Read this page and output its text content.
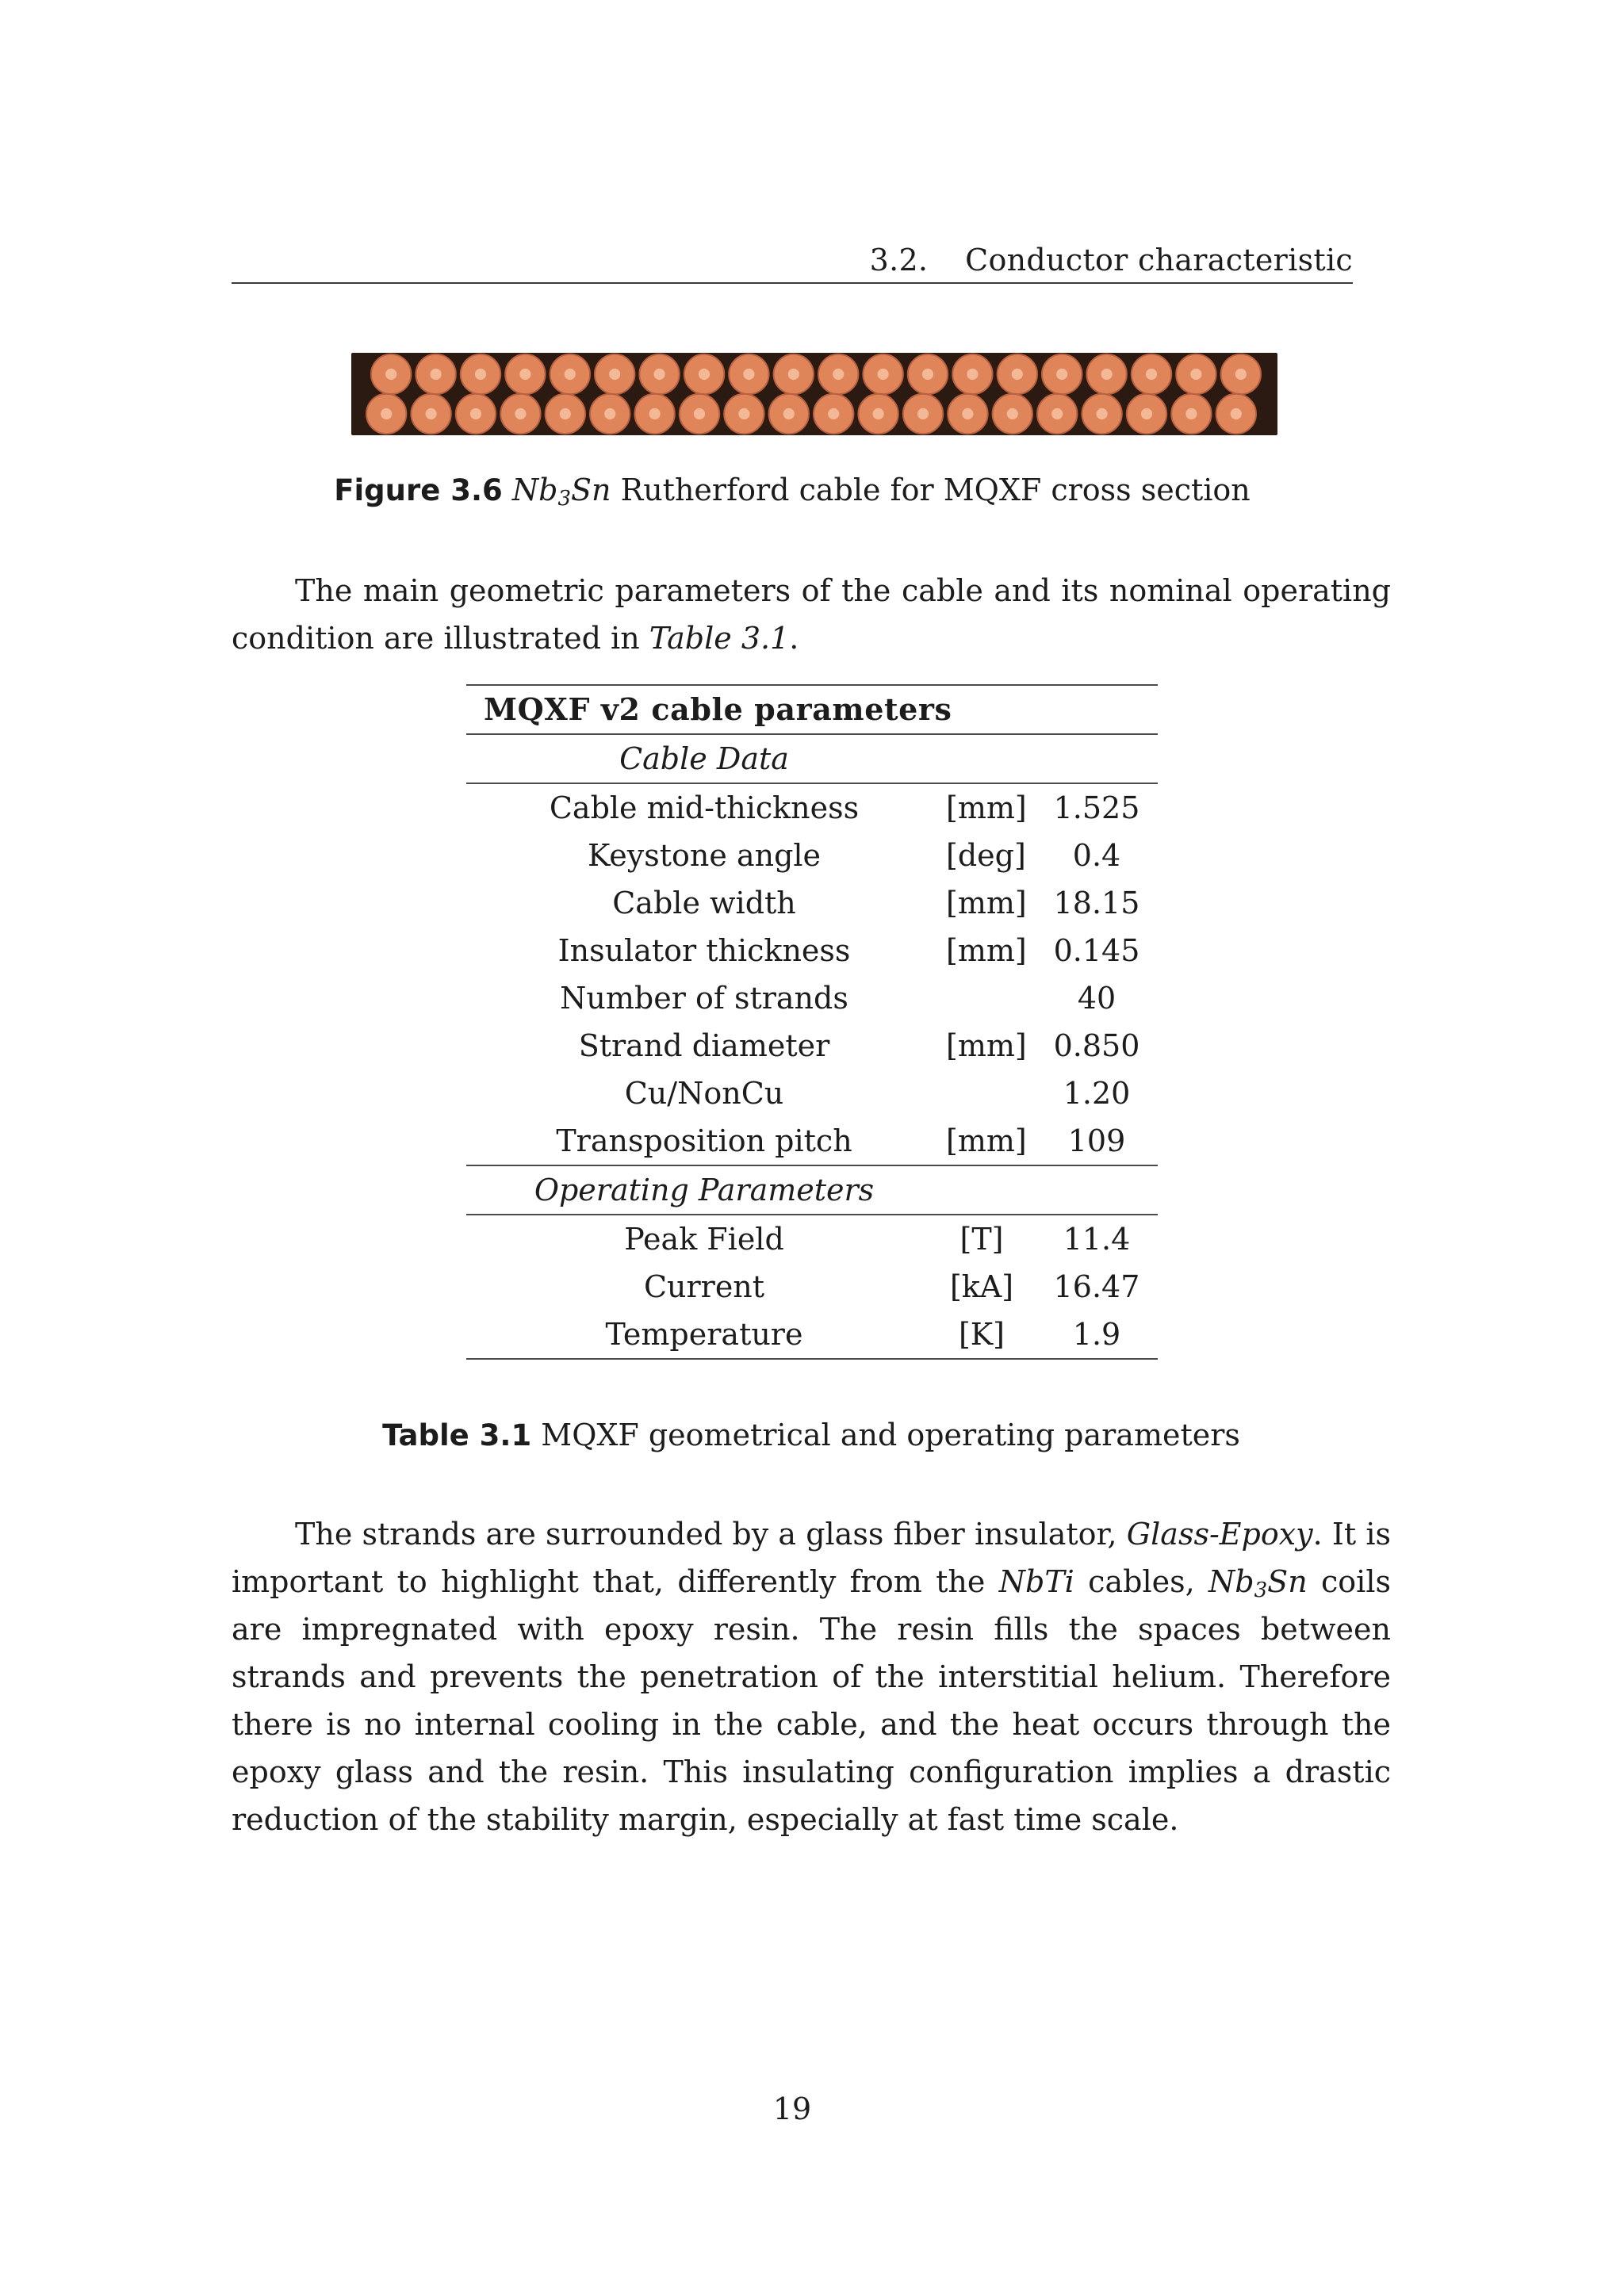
3.2. Conductor characteristic
Figure 3.6 $Nb_3Sn$ Rutherford cable for MQXF cross section
The main geometric parameters of the cable and its nominal operating condition are illustrated in Table 3.1.
MQXF v2 cable parameters
Cable Data
Cable mid-thickness	[mm] 1.525
Keystone angle	[deg]	0.4
Cable width	[mm] 18.15
Insulator thickness	[mm] 0.145
Number of strands	40
Strand diameter	[mm] 0.850
Cu/NonCu	1.20
Transposition pitch	[mm]	109
Operating Parameters
Peak Field	[T]	11.4
Current	[kA] 16.47
Temperature	[K]	1.9
Table 3.1 MQXF geometrical and operating parameters
The strands are surrounded by a glass fiber insulator, Glass-Epoxy. It is important to highlight that, differently from the NbTi cables, $Nb_3Sn$ coils are impregnated with epoxy resin. The resin fills the spaces between strands and prevents the penetration of the interstitial helium. Therefore there is no internal cooling in the cable, and the heat occurs through the epoxy glass and the resin. This insulating configuration implies a drastic reduction of the stability margin, especially at fast time scale.
19
